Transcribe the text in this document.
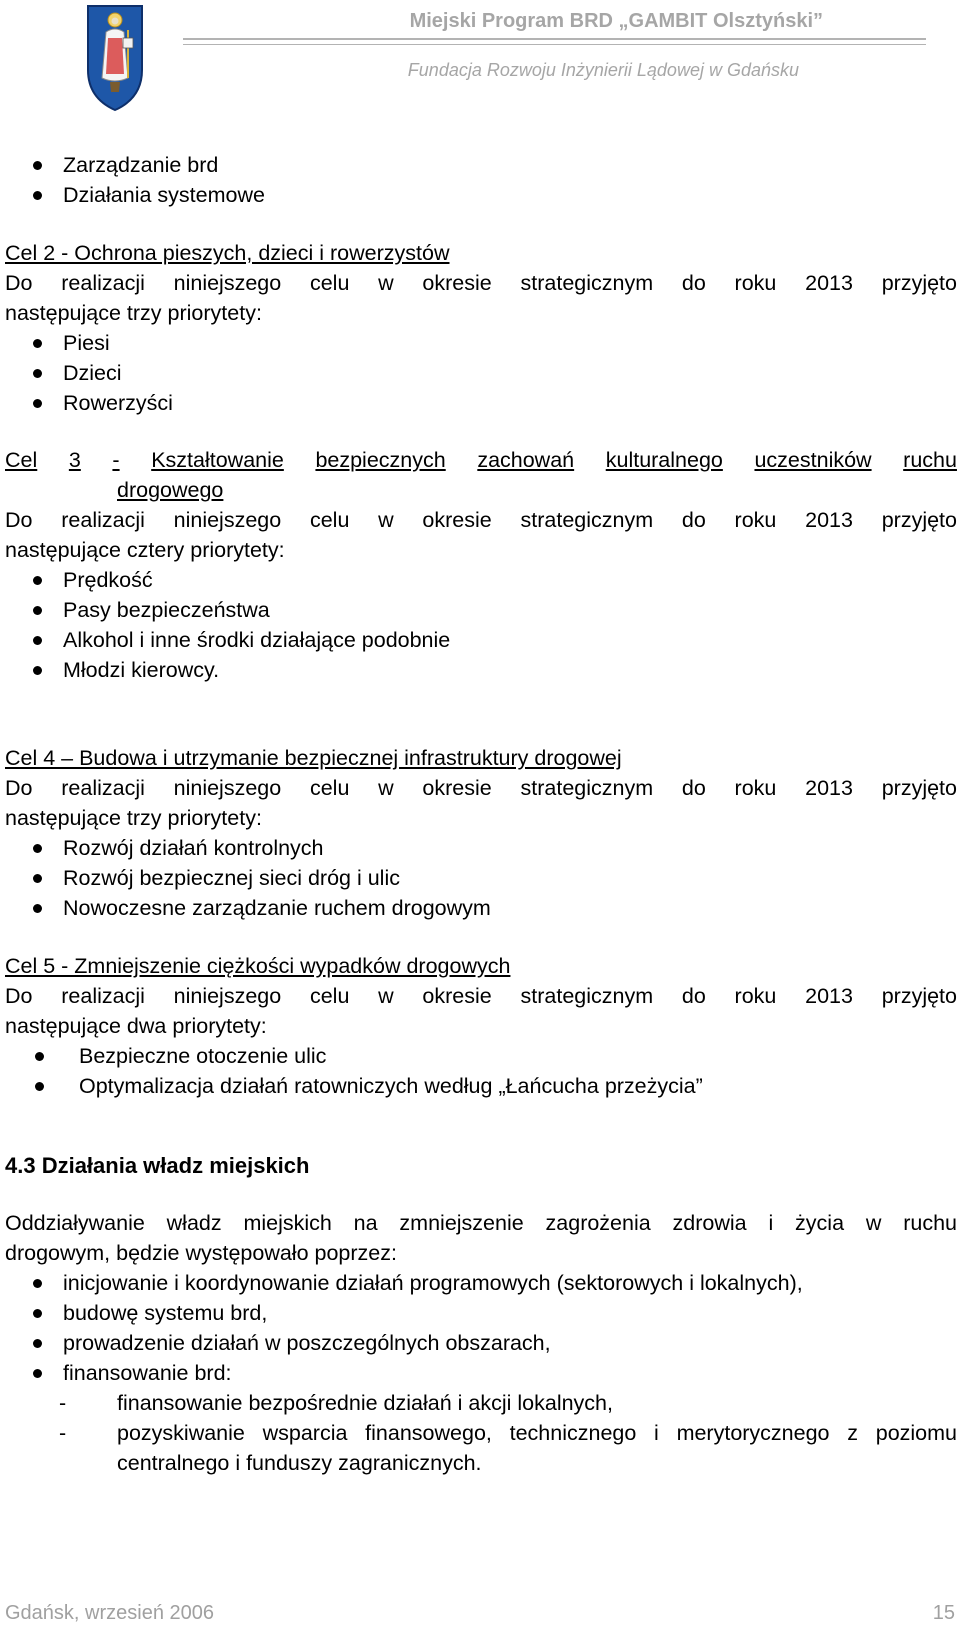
Miejski Program BRD „GAMBIT Olsztyński”
Fundacja Rozwoju Inżynierii Lądowej w Gdańsku
Zarządzanie brd
Działania systemowe

Cel 2 - Ochrona pieszych, dzieci i rowerzystów

Do realizacji niniejszego celu w okresie strategicznym do roku 2013 przyjęto

następujące trzy priorytety:

Piesi
Dzieci
Rowerzyści

Cel 3 - Kształtowanie bezpiecznych zachowań kulturalnego uczestników ruchu

drogowego

Do realizacji niniejszego celu w okresie strategicznym do roku 2013 przyjęto

następujące cztery priorytety:

Prędkość
Pasy bezpieczeństwa
Alkohol i inne środki działające podobnie
Młodzi kierowcy.

Cel 4 – Budowa i utrzymanie bezpiecznej infrastruktury drogowej

Do realizacji niniejszego celu w okresie strategicznym do roku 2013 przyjęto

następujące trzy priorytety:

Rozwój działań kontrolnych
Rozwój bezpiecznej sieci dróg i ulic
Nowoczesne zarządzanie ruchem drogowym

Cel 5 - Zmniejszenie ciężkości wypadków drogowych

Do realizacji niniejszego celu w okresie strategicznym do roku 2013 przyjęto

następujące dwa priorytety:

Bezpieczne otoczenie ulic
Optymalizacja działań ratowniczych według „Łańcucha przeżycia”

4.3 Działania władz miejskich

Oddziaływanie władz miejskich na zmniejszenie zagrożenia zdrowia i życia w ruchu

drogowym, będzie występowało poprzez:

inicjowanie i koordynowanie działań programowych (sektorowych i lokalnych),
budowę systemu brd,
prowadzenie działań w poszczególnych obszarach,
finansowanie brd:
- finansowanie bezpośrednie działań i akcji lokalnych,
- pozyskiwanie wsparcia finansowego, technicznego i merytorycznego z poziomu centralnego i funduszy zagranicznych.
Gdańsk, wrzesień 2006	15
